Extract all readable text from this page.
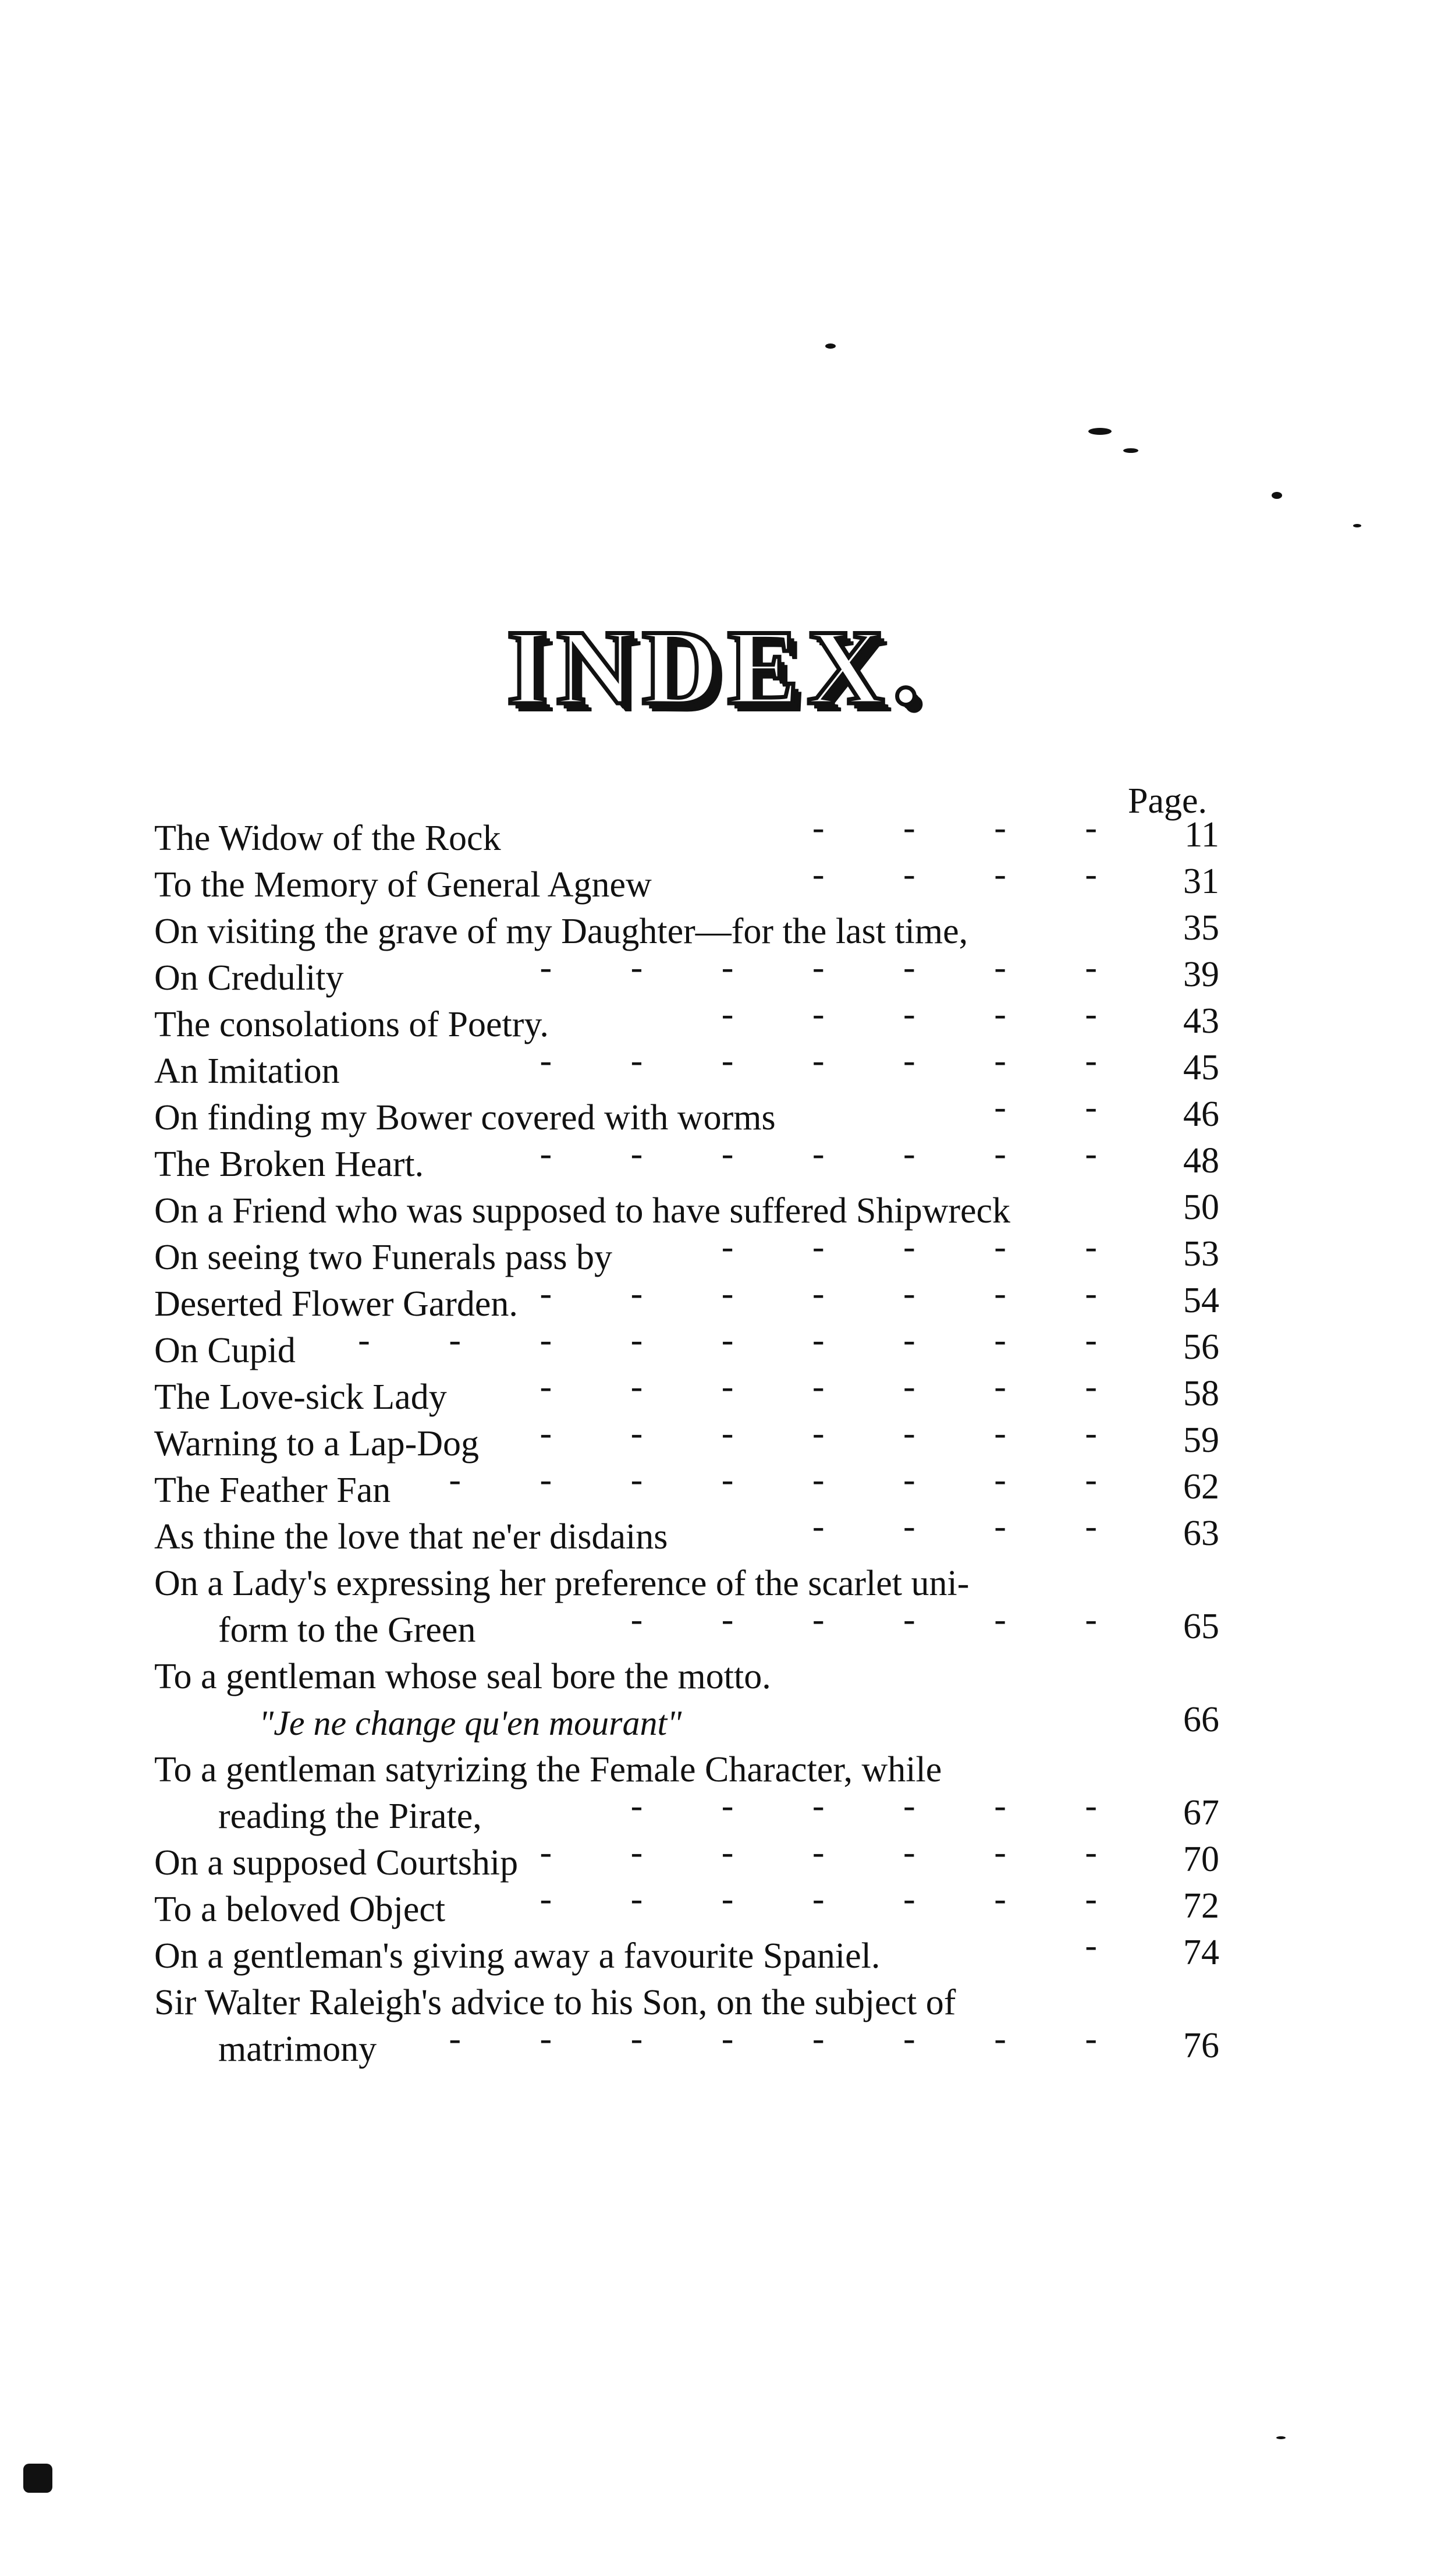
INDEX.
Page.
The Widow of the Rock	- - - -	11
To the Memory of General Agnew	- - - -	31
On visiting the grave of my Daughter—for the last time,	35
On Credulity	- - - - - - -	39
The consolations of Poetry.	- - - - -	43
An Imitation	- - - - - - -	45
On finding my Bower covered with worms	- -	46
The Broken Heart.	- - - - - - -	48
On a Friend who was supposed to have suffered Shipwreck	50
On seeing two Funerals pass by	- - - - -	53
Deserted Flower Garden. - - - - - - -	54
On Cupid	- - - - - - - - -	56
The Love-sick Lady	- - - - - - -	58
Warning to a Lap-Dog	- - - - - - -	59
The Feather Fan	- - - - - - - -	62
As thine the love that ne'er disdains	- - - -	63
On a Lady's expressing her preference of the scarlet uni-
form to the Green	- - - - - -	65
To a gentleman whose seal bore the motto.
"Je ne change qu'en mourant"	66
To a gentleman satyrizing the Female Character, while
reading the Pirate,	- - - - - -	67
On a supposed Courtship - - - - - - -	70
To a beloved Object	- - - - - - -	72
On a gentleman's giving away a favourite Spaniel.	-	74
Sir Walter Raleigh's advice to his Son, on the subject of
matrimony	- - - - - - - -	76
